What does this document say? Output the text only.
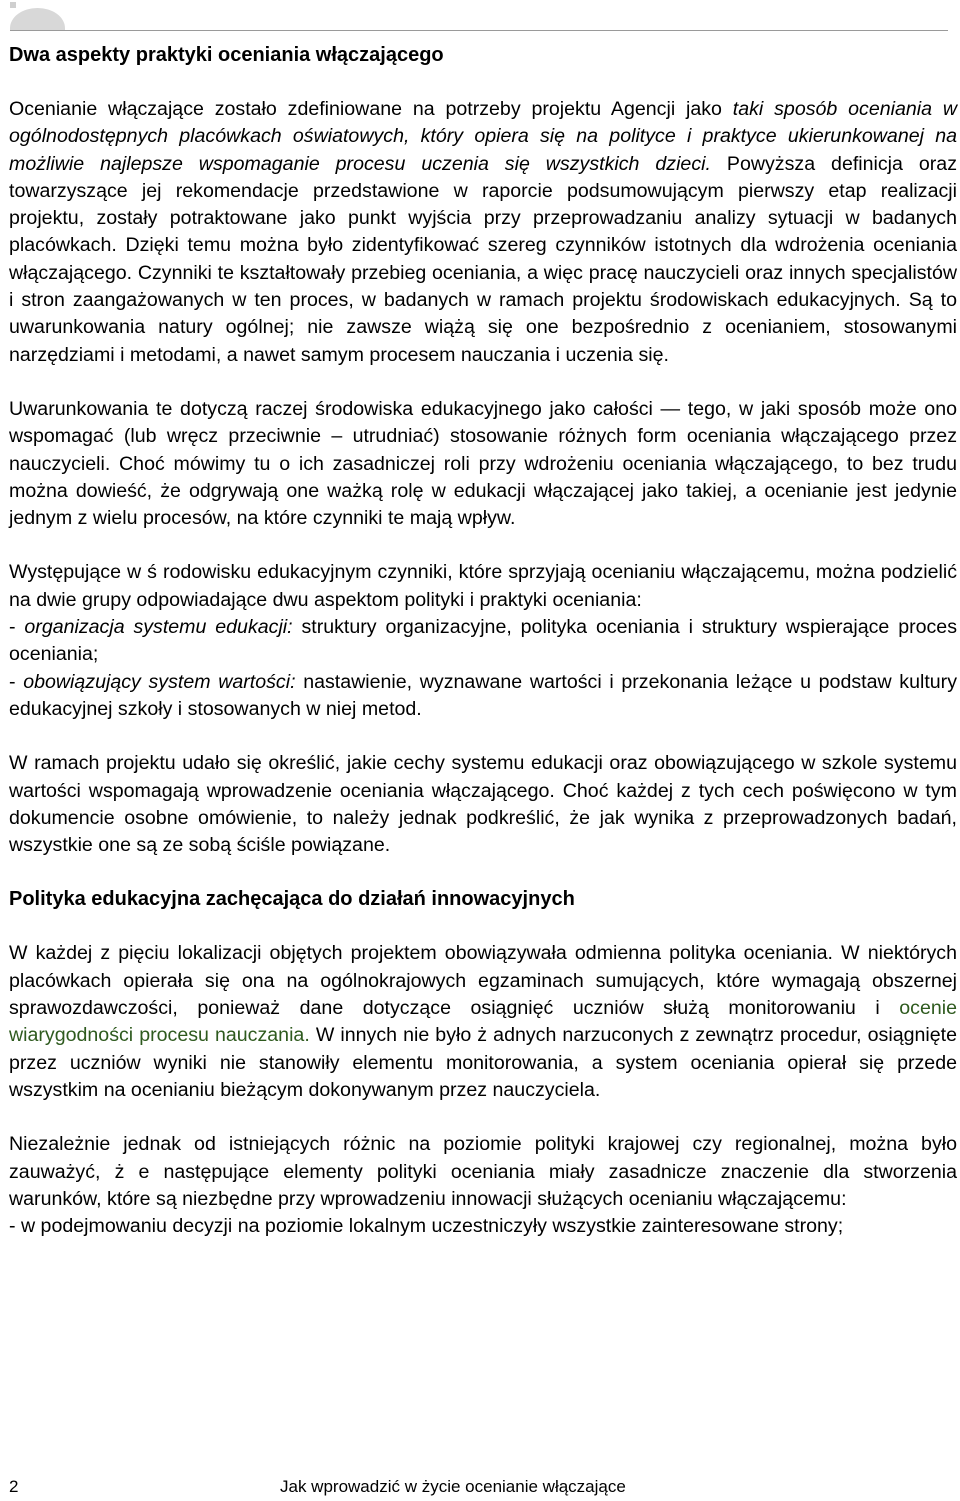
Dwa aspekty praktyki oceniania włączającego

Ocenianie włączające zostało zdefiniowane na potrzeby projektu Agencji jako taki sposób oceniania w ogólnodostępnych placówkach oświatowych, który opiera się na polityce i praktyce ukierunkowanej na możliwie najlepsze wspomaganie procesu uczenia się wszystkich dzieci. Powyższa definicja oraz towarzyszące jej rekomendacje przedstawione w raporcie podsumowującym pierwszy etap realizacji projektu, zostały potraktowane jako punkt wyjścia przy przeprowadzaniu analizy sytuacji w badanych placówkach. Dzięki temu można było zidentyfikować szereg czynników istotnych dla wdrożenia oceniania włączającego. Czynniki te kształtowały przebieg oceniania, a więc pracę nauczycieli oraz innych specjalistów i stron zaangażowanych w ten proces, w badanych w ramach projektu środowiskach edukacyjnych. Są to uwarunkowania natury ogólnej; nie zawsze wiążą się one bezpośrednio z ocenianiem, stosowanymi narzędziami i metodami, a nawet samym procesem nauczania i uczenia się.

Uwarunkowania te dotyczą raczej środowiska edukacyjnego jako całości — tego, w jaki sposób może ono wspomagać (lub wręcz przeciwnie – utrudniać) stosowanie różnych form oceniania włączającego przez nauczycieli. Choć mówimy tu o ich zasadniczej roli przy wdrożeniu oceniania włączającego, to bez trudu można dowieść, że odgrywają one ważką rolę w edukacji włączającej jako takiej, a ocenianie jest jedynie jednym z wielu procesów, na które czynniki te mają wpływ.

Występujące w ś rodowisku edukacyjnym czynniki, które sprzyjają ocenianiu włączającemu, można podzielić na dwie grupy odpowiadające dwu aspektom polityki i praktyki oceniania:
- organizacja systemu edukacji: struktury organizacyjne, polityka oceniania i struktury wspierające proces oceniania;
- obowiązujący system wartości: nastawienie, wyznawane wartości i przekonania leżące u podstaw kultury edukacyjnej szkoły i stosowanych w niej metod.

W ramach projektu udało się określić, jakie cechy systemu edukacji oraz obowiązującego w szkole systemu wartości wspomagają wprowadzenie oceniania włączającego. Choć każdej z tych cech poświęcono w tym dokumencie osobne omówienie, to należy jednak podkreślić, że jak wynika z przeprowadzonych badań, wszystkie one są ze sobą ściśle powiązane.

Polityka edukacyjna zachęcająca do działań innowacyjnych

W każdej z pięciu lokalizacji objętych projektem obowiązywała odmienna polityka oceniania. W niektórych placówkach opierała się ona na ogólnokrajowych egzaminach sumujących, które wymagają obszernej sprawozdawczości, ponieważ dane dotyczące osiągnięć uczniów służą monitorowaniu i ocenie wiarygodności procesu nauczania. W innych nie było ż adnych narzuconych z zewnątrz procedur, osiągnięte przez uczniów wyniki nie stanowiły elementu monitorowania, a system oceniania opierał się przede wszystkim na ocenianiu bieżącym dokonywanym przez nauczyciela.

Niezależnie jednak od istniejących różnic na poziomie polityki krajowej czy regionalnej, można było zauważyć, ż e następujące elementy polityki oceniania miały zasadnicze znaczenie dla stworzenia warunków, które są niezbędne przy wprowadzeniu innowacji służących ocenianiu włączającemu:
- w podejmowaniu decyzji na poziomie lokalnym uczestniczyły wszystkie zainteresowane strony;

2	Jak wprowadzić w życie ocenianie włączające
